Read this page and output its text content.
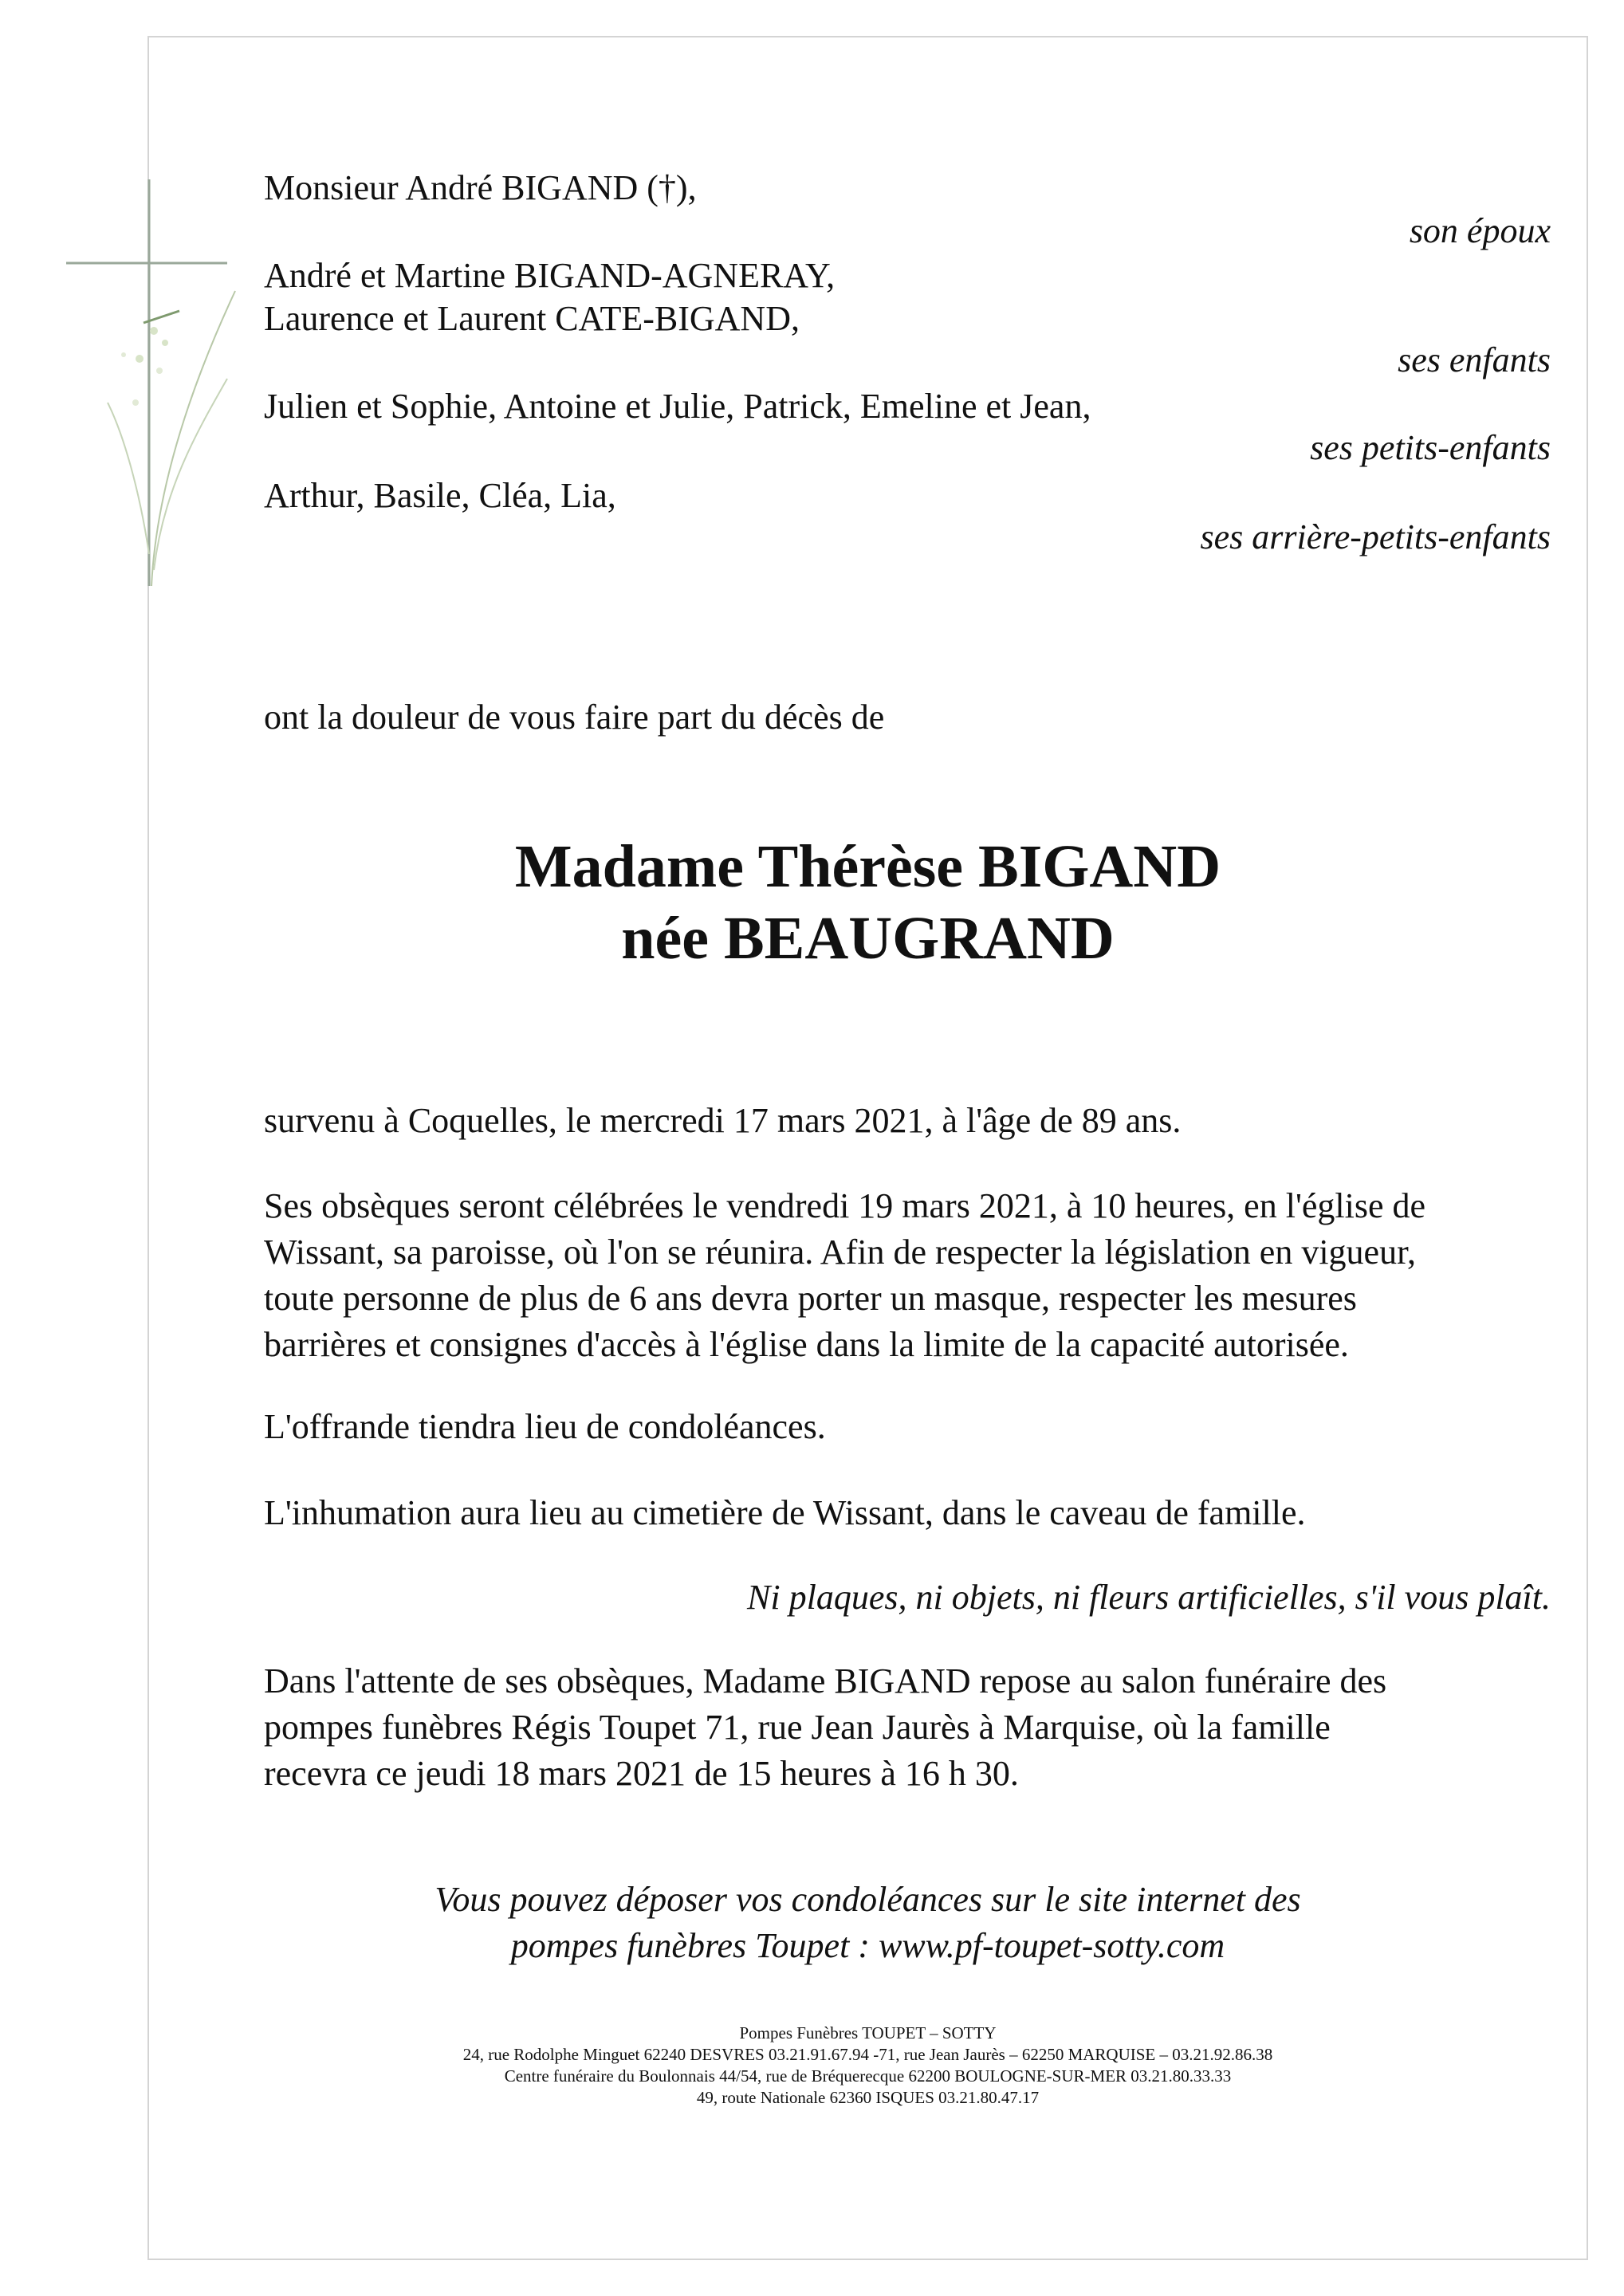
Monsieur André BIGAND (†),
son époux
André et Martine BIGAND-AGNERAY,
Laurence et Laurent CATE-BIGAND,
ses enfants
Julien et Sophie, Antoine et Julie, Patrick, Emeline et Jean,
ses petits-enfants
Arthur, Basile, Cléa, Lia,
ses arrière-petits-enfants
ont la douleur de vous faire part du décès de
Madame Thérèse BIGAND
née BEAUGRAND
survenu à Coquelles, le mercredi 17 mars 2021, à l'âge de 89 ans.
Ses obsèques seront célébrées le vendredi 19 mars 2021, à 10 heures, en l'église de
Wissant, sa paroisse, où l'on se réunira. Afin de respecter la législation en vigueur,
toute personne de plus de 6 ans devra porter un masque, respecter les mesures
barrières et consignes d'accès à l'église dans la limite de la capacité autorisée.
L'offrande tiendra lieu de condoléances.
L'inhumation aura lieu au cimetière de Wissant, dans le caveau de famille.
Ni plaques, ni objets, ni fleurs artificielles, s'il vous plaît.
Dans l'attente de ses obsèques, Madame BIGAND repose au salon funéraire des
pompes funèbres Régis Toupet 71, rue Jean Jaurès à Marquise, où la famille
recevra ce jeudi 18 mars 2021 de 15 heures à 16 h 30.
Vous pouvez déposer vos condoléances sur le site internet des
pompes funèbres Toupet : www.pf-toupet-sotty.com
Pompes Funèbres TOUPET – SOTTY
24, rue Rodolphe Minguet 62240 DESVRES 03.21.91.67.94 -71, rue Jean Jaurès – 62250 MARQUISE – 03.21.92.86.38
Centre funéraire du Boulonnais 44/54, rue de Bréquerecque 62200 BOULOGNE-SUR-MER 03.21.80.33.33
49, route Nationale 62360 ISQUES 03.21.80.47.17
